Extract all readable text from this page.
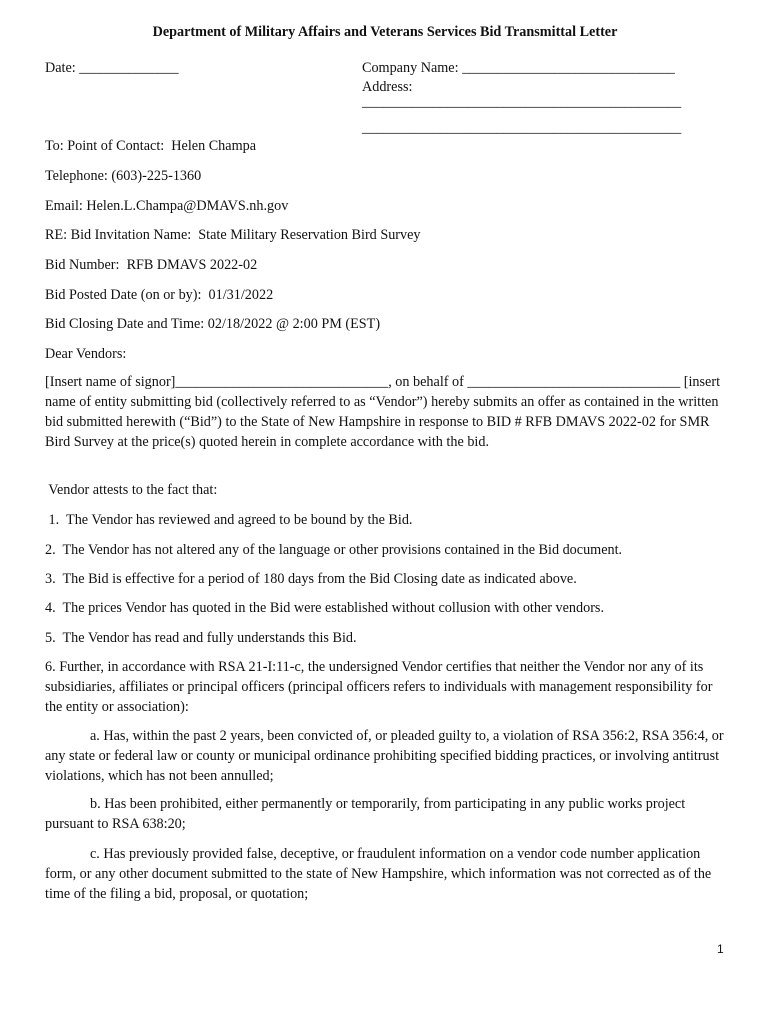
Department of Military Affairs and Veterans Services Bid Transmittal Letter
Date: ______________	Company Name: ______________________________
Address:
_____________________________________________
_____________________________________________
To: Point of Contact:  Helen Champa
Telephone: (603)-225-1360
Email: Helen.L.Champa@DMAVS.nh.gov
RE: Bid Invitation Name:  State Military Reservation Bird Survey
Bid Number:  RFB DMAVS 2022-02
Bid Posted Date (on or by):  01/31/2022
Bid Closing Date and Time: 02/18/2022 @ 2:00 PM (EST)
Dear Vendors:
[Insert name of signor]______________________________, on behalf of ______________________________ [insert name of entity submitting bid (collectively referred to as “Vendor”) hereby submits an offer as contained in the written bid submitted herewith (“Bid”) to the State of New Hampshire in response to BID # RFB DMAVS 2022-02 for SMR Bird Survey at the price(s) quoted herein in complete accordance with the bid.
Vendor attests to the fact that:
1.  The Vendor has reviewed and agreed to be bound by the Bid.
2.  The Vendor has not altered any of the language or other provisions contained in the Bid document.
3.  The Bid is effective for a period of 180 days from the Bid Closing date as indicated above.
4.  The prices Vendor has quoted in the Bid were established without collusion with other vendors.
5.  The Vendor has read and fully understands this Bid.
6. Further, in accordance with RSA 21-I:11-c, the undersigned Vendor certifies that neither the Vendor nor any of its subsidiaries, affiliates or principal officers (principal officers refers to individuals with management responsibility for the entity or association):
a. Has, within the past 2 years, been convicted of, or pleaded guilty to, a violation of RSA 356:2, RSA 356:4, or any state or federal law or county or municipal ordinance prohibiting specified bidding practices, or involving antitrust violations, which has not been annulled;
b. Has been prohibited, either permanently or temporarily, from participating in any public works project pursuant to RSA 638:20;
c. Has previously provided false, deceptive, or fraudulent information on a vendor code number application form, or any other document submitted to the state of New Hampshire, which information was not corrected as of the time of the filing a bid, proposal, or quotation;
1
